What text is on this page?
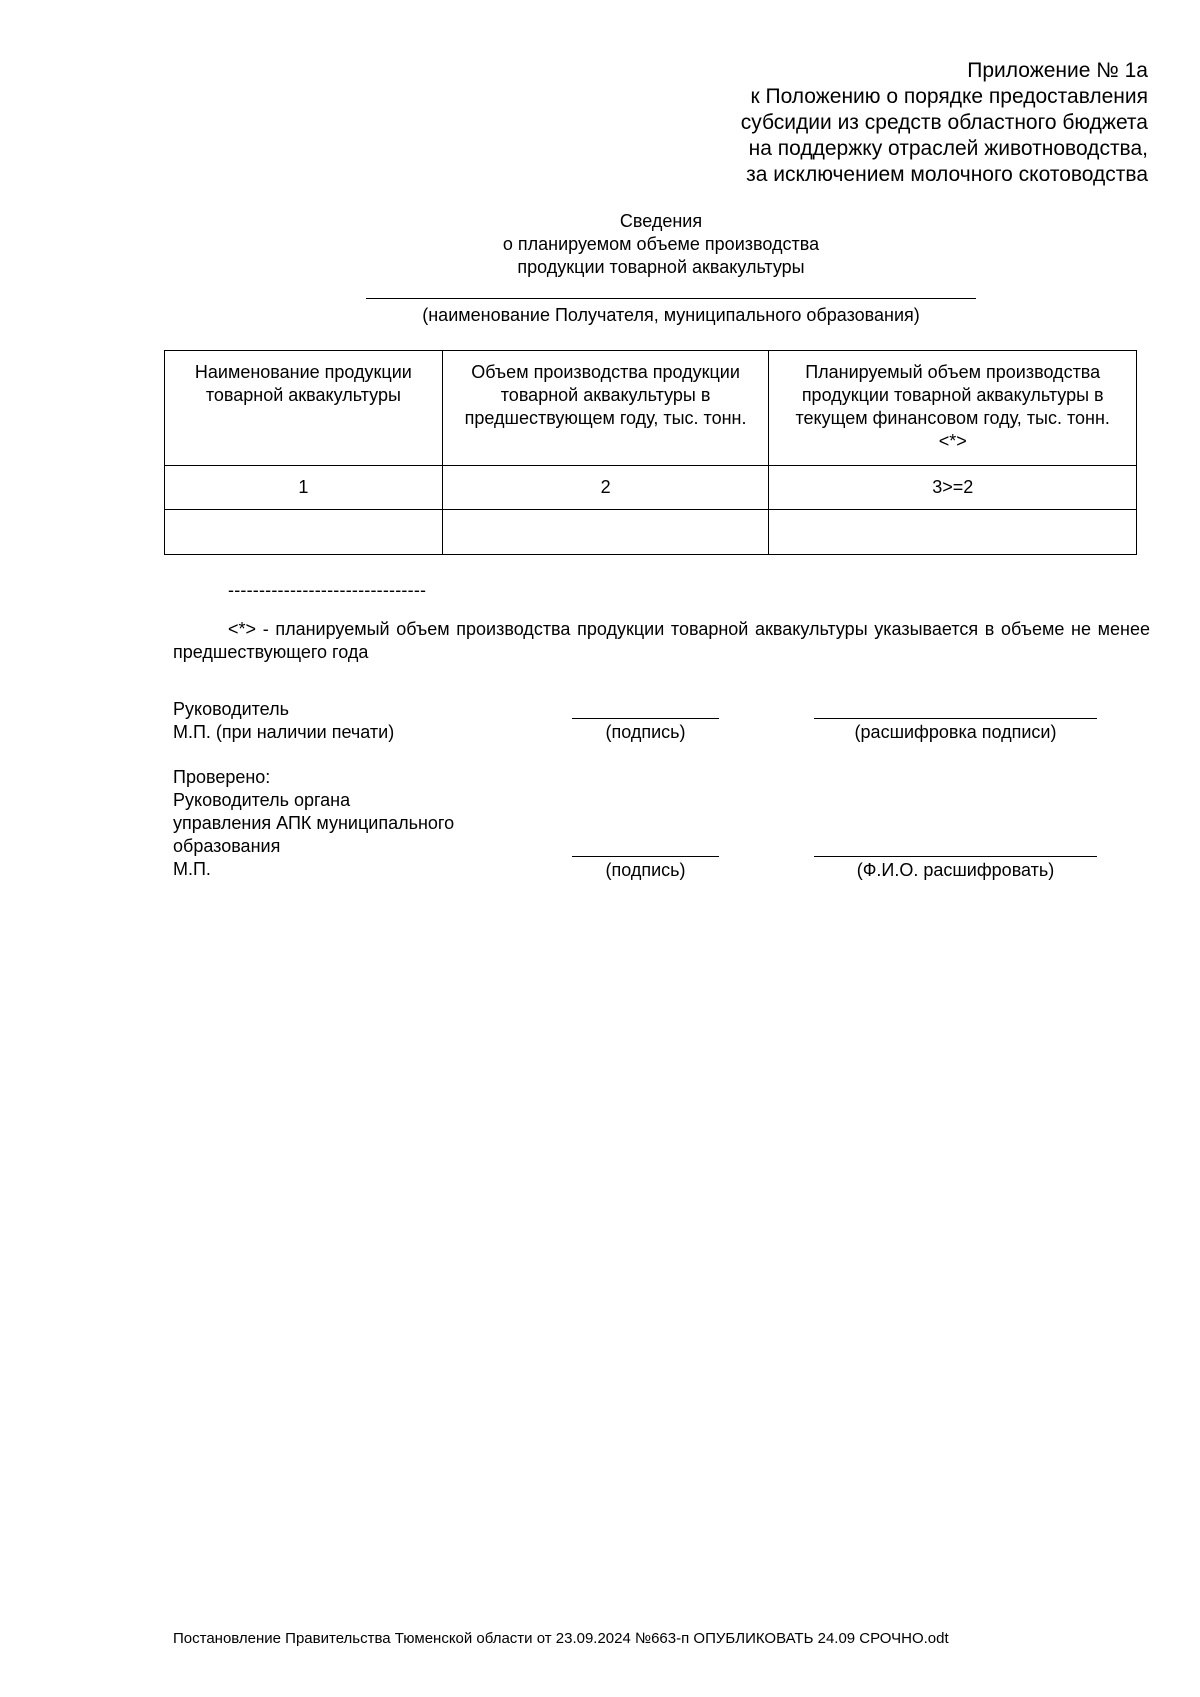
Приложение № 1а
к Положению о порядке предоставления
субсидии из средств областного бюджета
на поддержку отраслей животноводства,
за исключением молочного скотоводства
Сведения
о планируемом объеме производства
продукции товарной аквакультуры
(наименование Получателя, муниципального образования)
Наименование продукции товарной аквакультуры	Объем производства продукции товарной аквакультуры в предшествующем году, тыс. тонн.	Планируемый объем производства продукции товарной аквакультуры в текущем финансовом году, тыс. тонн. <*>
1	2	3>=2

--------------------------------
<*> - планируемый объем производства продукции товарной аквакультуры указывается в объеме не менее предшествующего года
Руководитель
М.П. (при наличии печати)	(подпись)	(расшифровка подписи)
Проверено:
Руководитель органа
управления АПК муниципального
образования
М.П.	(подпись)	(Ф.И.О. расшифровать)
Постановление Правительства Тюменской области от 23.09.2024 №663-п ОПУБЛИКОВАТЬ 24.09 СРОЧНО.odt
